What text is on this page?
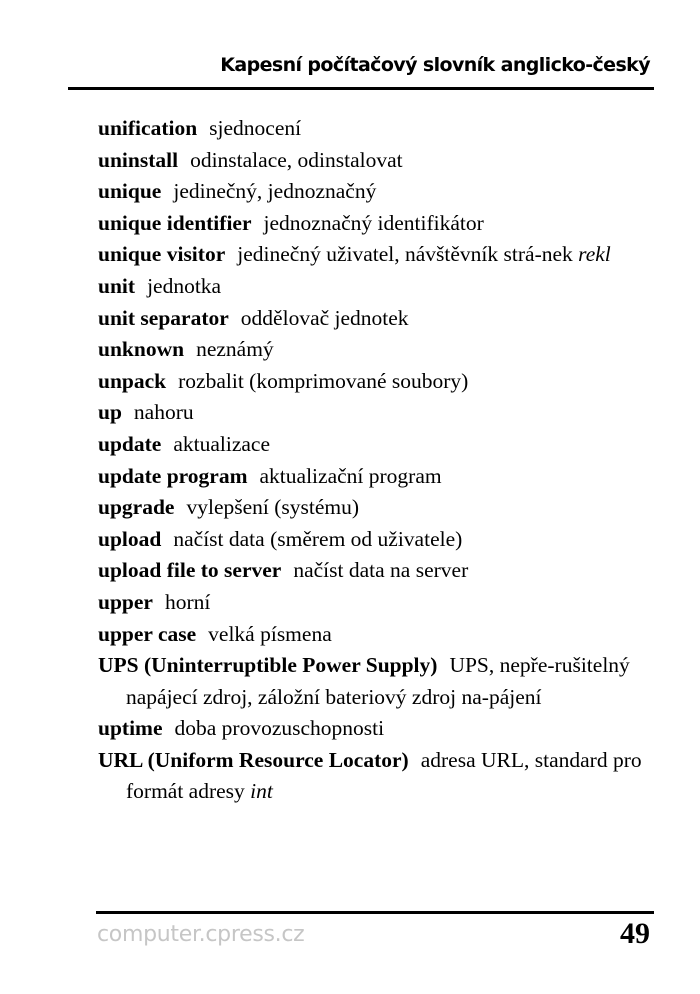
Kapesní počítačový slovník anglicko-český

unification sjednocení

uninstall odinstalace, odinstalovat

unique jedinečný, jednoznačný

unique identifier jednoznačný identifikátor

unique visitor jedinečný uživatel, návštěvník strá-nek rekl

unit jednotka

unit separator oddělovač jednotek

unknown neznámý

unpack rozbalit (komprimované soubory)

up nahoru

update aktualizace

update program aktualizační program

upgrade vylepšení (systému)

upload načíst data (směrem od uživatele)

upload file to server načíst data na server

upper horní

upper case velká písmena

UPS (Uninterruptible Power Supply) UPS, nepře-rušitelný napájecí zdroj, záložní bateriový zdroj na-pájení

uptime doba provozuschopnosti

URL (Uniform Resource Locator) adresa URL, standard pro formát adresy int

computer.cpress.cz	49
